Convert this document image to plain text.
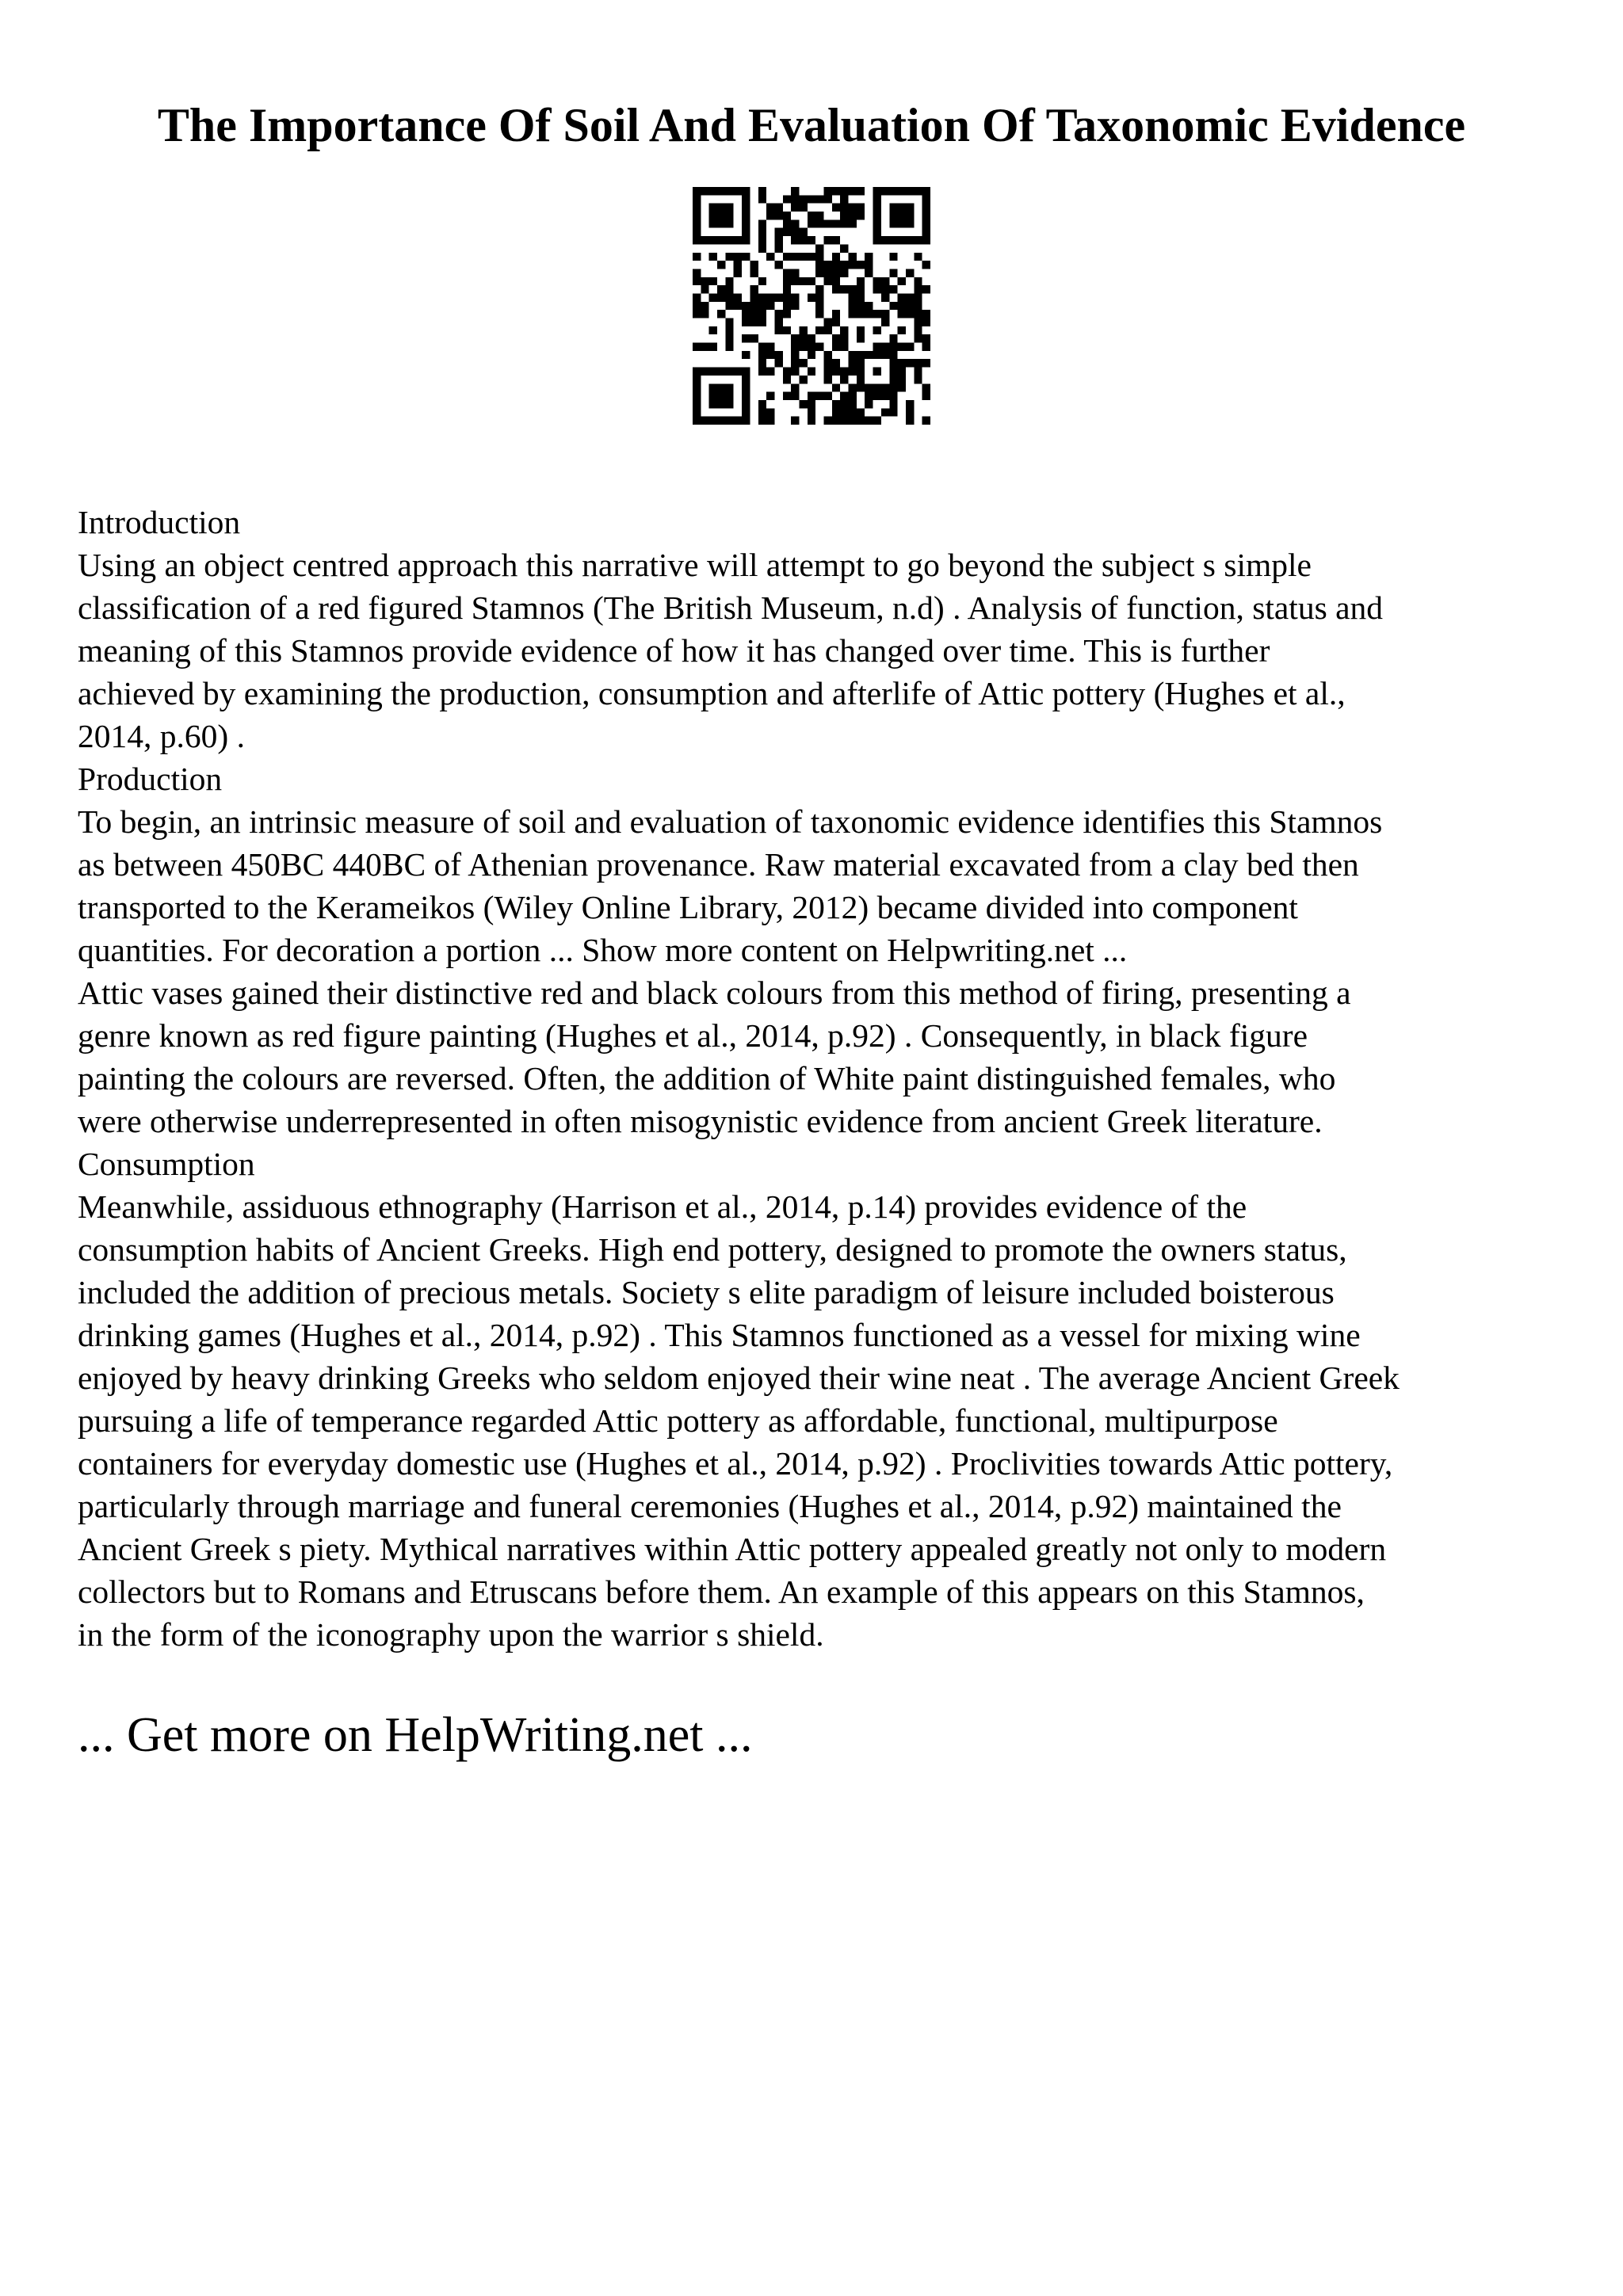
The Importance Of Soil And Evaluation Of Taxonomic Evidence
Introduction
Using an object centred approach this narrative will attempt to go beyond the subject s simple
classification of a red figured Stamnos (The British Museum, n.d) . Analysis of function, status and
meaning of this Stamnos provide evidence of how it has changed over time. This is further
achieved by examining the production, consumption and afterlife of Attic pottery (Hughes et al.,
2014, p.60) .
Production
To begin, an intrinsic measure of soil and evaluation of taxonomic evidence identifies this Stamnos
as between 450BC 440BC of Athenian provenance. Raw material excavated from a clay bed then
transported to the Kerameikos (Wiley Online Library, 2012) became divided into component
quantities. For decoration a portion ... Show more content on Helpwriting.net ...
Attic vases gained their distinctive red and black colours from this method of firing, presenting a
genre known as red figure painting (Hughes et al., 2014, p.92) . Consequently, in black figure
painting the colours are reversed. Often, the addition of White paint distinguished females, who
were otherwise underrepresented in often misogynistic evidence from ancient Greek literature.
Consumption
Meanwhile, assiduous ethnography (Harrison et al., 2014, p.14) provides evidence of the
consumption habits of Ancient Greeks. High end pottery, designed to promote the owners status,
included the addition of precious metals. Society s elite paradigm of leisure included boisterous
drinking games (Hughes et al., 2014, p.92) . This Stamnos functioned as a vessel for mixing wine
enjoyed by heavy drinking Greeks who seldom enjoyed their wine neat . The average Ancient Greek
pursuing a life of temperance regarded Attic pottery as affordable, functional, multipurpose
containers for everyday domestic use (Hughes et al., 2014, p.92) . Proclivities towards Attic pottery,
particularly through marriage and funeral ceremonies (Hughes et al., 2014, p.92) maintained the
Ancient Greek s piety. Mythical narratives within Attic pottery appealed greatly not only to modern
collectors but to Romans and Etruscans before them. An example of this appears on this Stamnos,
in the form of the iconography upon the warrior s shield.
... Get more on HelpWriting.net ...
